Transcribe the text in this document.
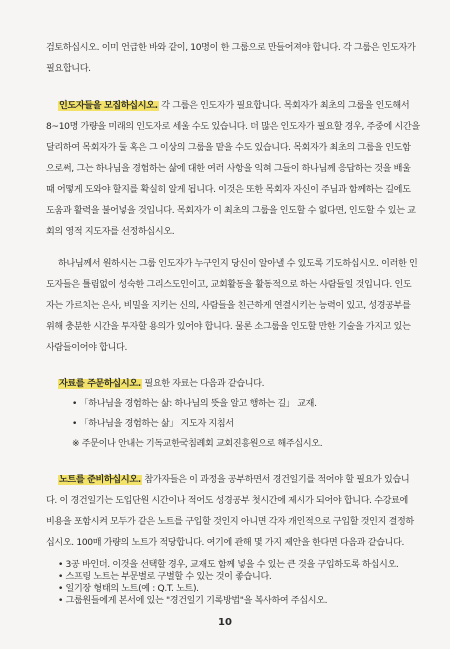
검토하십시오. 이미 언급한 바와 같이, 10명이 한 그룹으로 만들어져야 합니다. 각 그룹은 인도자가
필요합니다.
인도자들을 모집하십시오. 각 그룹은 인도자가 필요합니다. 목회자가 최초의 그룹을 인도해서
8~10명 가량을 미래의 인도자로 세울 수도 있습니다. 더 많은 인도자가 필요할 경우, 주중에 시간을
달리하여 목회자가 둘 혹은 그 이상의 그룹을 맡을 수도 있습니다. 목회자가 최초의 그룹을 인도함
으로써, 그는 하나님을 경험하는 삶에 대한 여러 사항을 익혀 그들이 하나님께 응답하는 것을 배울
때 어떻게 도와야 할지를 확실히 알게 됩니다. 이것은 또한 목회자 자신이 주님과 함께하는 길에도
도움과 활력을 불어넣을 것입니다. 목회자가 이 최초의 그룹을 인도할 수 없다면, 인도할 수 있는 교
회의 영적 지도자를 선정하십시오.
하나님께서 원하시는 그룹 인도자가 누구인지 당신이 알아낼 수 있도록 기도하십시오. 이러한 인
도자들은 틀림없이 성숙한 그리스도인이고, 교회활동을 활동적으로 하는 사람들일 것입니다. 인도
자는 가르치는 은사, 비밀을 지키는 신의, 사람들을 친근하게 연결시키는 능력이 있고, 성경공부를
위해 충분한 시간을 투자할 용의가 있어야 합니다. 물론 소그룹을 인도할 만한 기술을 가지고 있는
사람들이어야 합니다.
자료를 주문하십시오. 필요한 자료는 다음과 같습니다.
• 「하나님을 경험하는 삶: 하나님의 뜻을 알고 행하는 길」 교재.
• 「하나님을 경험하는 삶」 지도자 지침서
※ 주문이나 안내는 기독교한국침례회 교회진흥원으로 해주십시오.
노트를 준비하십시오. 참가자들은 이 과정을 공부하면서 경건일기를 적어야 할 필요가 있습니
다. 이 경건일기는 도입단원 시간이나 적어도 성경공부 첫시간에 제시가 되어야 합니다. 수강료에
비용을 포함시켜 모두가 같은 노트를 구입할 것인지 아니면 각자 개인적으로 구입할 것인지 결정하
십시오. 100매 가량의 노트가 적당합니다. 여기에 관해 몇 가지 제안을 한다면 다음과 같습니다.
• 3공 바인더. 이것을 선택할 경우, 교재도 함께 넣을 수 있는 큰 것을 구입하도록 하십시오.
• 스프링 노트는 부문별로 구별할 수 있는 것이 좋습니다.
• 일기장 형태의 노트(예 : Q.T. 노트).
• 그룹원들에게 본서에 있는 "경건일기 기록방법"을 복사하여 주십시오.
10
